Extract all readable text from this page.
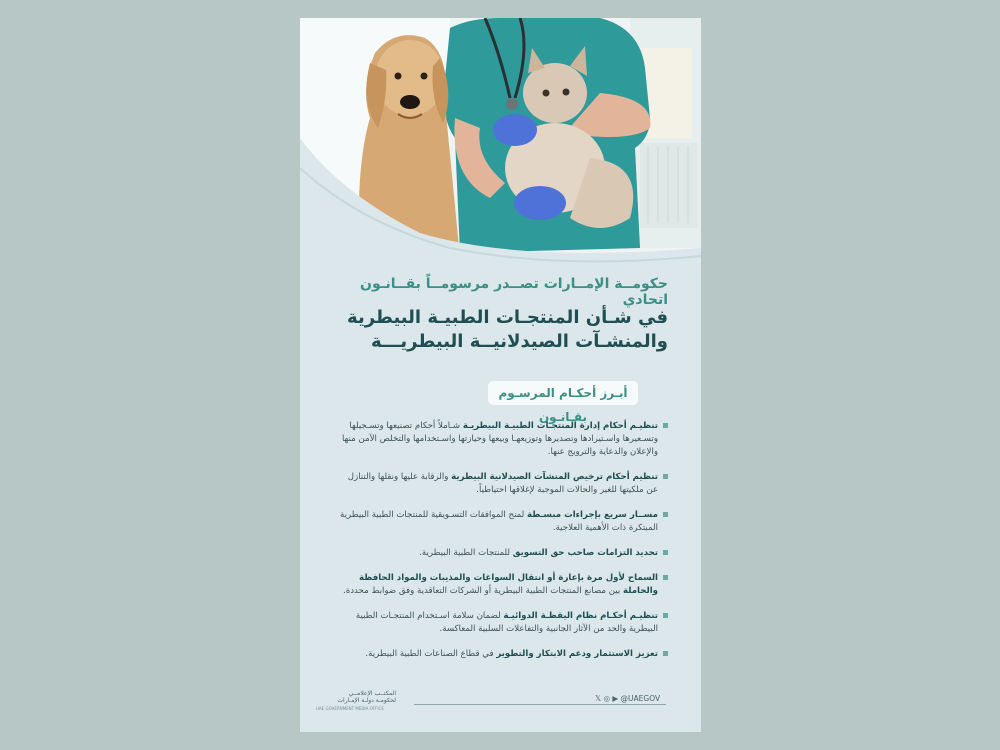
حكومــة الإمــارات تصــدر مرسومــاً بقــانـون اتحادي
في شـأن المنتجـات الطبيـة البيطرية
والمنشـآت الصيدلانيــة البيطريـــة
أبـرز أحكـام المرسـوم بقـانـون
تنظيـم أحكام إدارة المنتجـات الطبيـة البيطريـة شـاملاً أحكام تصنيعها وتسـجيلها وتسـعيرها واسـتيرادها وتصديرها وتوزيعهـا وبيعها وحيازتها واسـتخدامها والتخلص الآمن منها والإعلان والدعاية والترويج عنها.
تنظيم أحكام ترخيص المنشآت الصيدلانية البيطرية والرقابة عليها ونقلها والتنازل عن ملكيتها للغير والحالات الموجبة لإغلاقها احتياطياً.
مســار سريع بإجراءات مبسـطة لمنح الموافقات التسـويقية للمنتجات الطبية البيطرية المبتكرة ذات الأهمية العلاجية.
تحديد التزامات صاحب حق التسويق للمنتجات الطبية البيطرية.
السماح لأول مرة بإعارة أو انتقال السواغات والمذيبات والمواد الحافظة والحاملة بين مصانع المنتجات الطبية البيطرية أو الشركات التعاقدية وفق ضوابط محددة.
تنظيـم أحكـام نظام اليقظـة الدوائيـة لضمان سلامة اسـتخدام المنتجـات الطبية البيطرية والحد من الآثار الجانبية والتفاعلات السلبية المعاكسة.
تعزيز الاستثمار ودعم الابتكار والتطوير في قطاع الصناعات الطبية البيطرية.
المكتــب الإعلامــي
لحكومـة دولـة الإمـارات
UAE GOVERNMENT MEDIA OFFICE
𝕏 ◎ ▶ @UAEGOV
